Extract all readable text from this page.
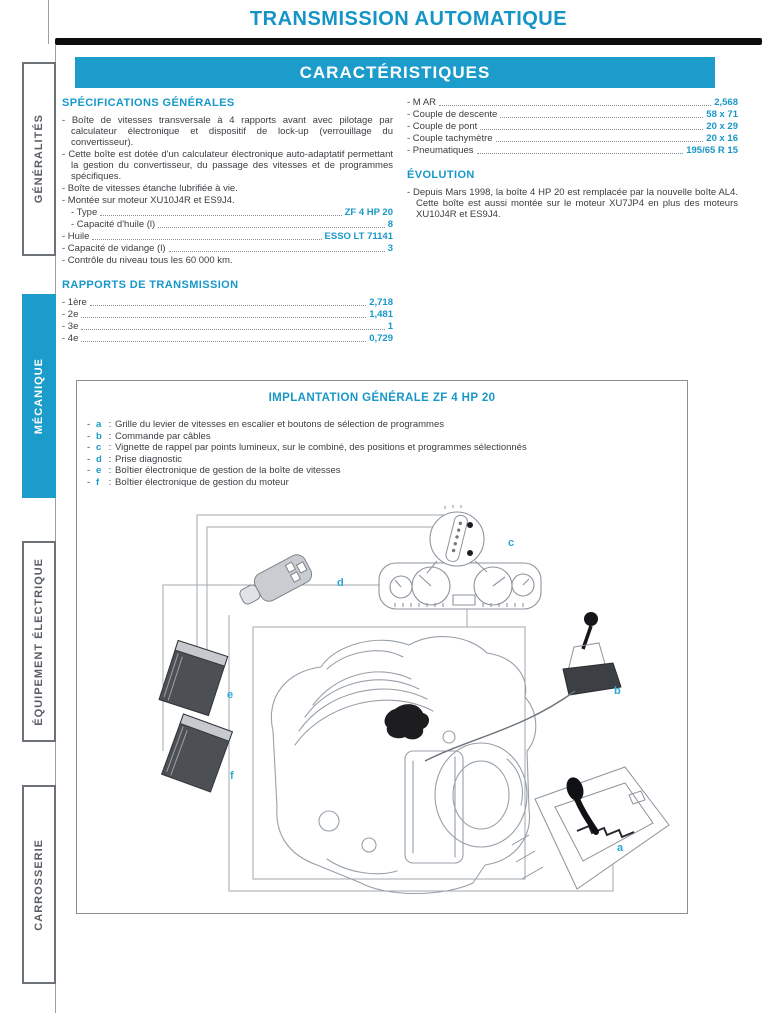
TRANSMISSION AUTOMATIQUE
GÉNÉRALITÉS
MÉCANIQUE
ÉQUIPEMENT ÉLECTRIQUE
CARROSSERIE
CARACTÉRISTIQUES
SPÉCIFICATIONS GÉNÉRALES

- Boîte de vitesses transversale à 4 rapports avant avec pilotage par calculateur électronique et dispositif de lock-up (verrouillage du convertisseur).

- Cette boîte est dotée d'un calculateur électronique auto-adaptatif permettant la gestion du convertisseur, du passage des vitesses et de programmes spécifiques.

- Boîte de vitesses étanche lubrifiée à vie.

- Montée sur moteur XU10J4R et ES9J4.

- Type	ZF 4 HP 20
- Capacité d'huile (l)	8
- Huile	ESSO LT 71141
- Capacité de vidange (l)	3

- Contrôle du niveau tous les 60 000 km.

RAPPORTS DE TRANSMISSION
- 1ère	2,718
- 2e	1,481
- 3e	1
- 4e	0,729
- M AR	2,568
- Couple de descente	58 x 71
- Couple de pont	20 x 29
- Couple tachymètre	20 x 16
- Pneumatiques	195/65 R 15
ÉVOLUTION

- Depuis Mars 1998, la boîte 4 HP 20 est remplacée par la nouvelle boîte AL4. Cette boîte est aussi montée sur le moteur XU7JP4 en plus des moteurs XU10J4R et ES9J4.

IMPLANTATION GÉNÉRALE ZF 4 HP 20
- a : Grille du levier de vitesses en escalier et boutons de sélection de programmes
- b : Commande par câbles
- c : Vignette de rappel par points lumineux, sur le combiné, des positions et programmes sélectionnés
- d : Prise diagnostic
- e : Boîtier électronique de gestion de la boîte de vitesses
- f	: Boîtier électronique de gestion du moteur
c
d
e
f
b
a
